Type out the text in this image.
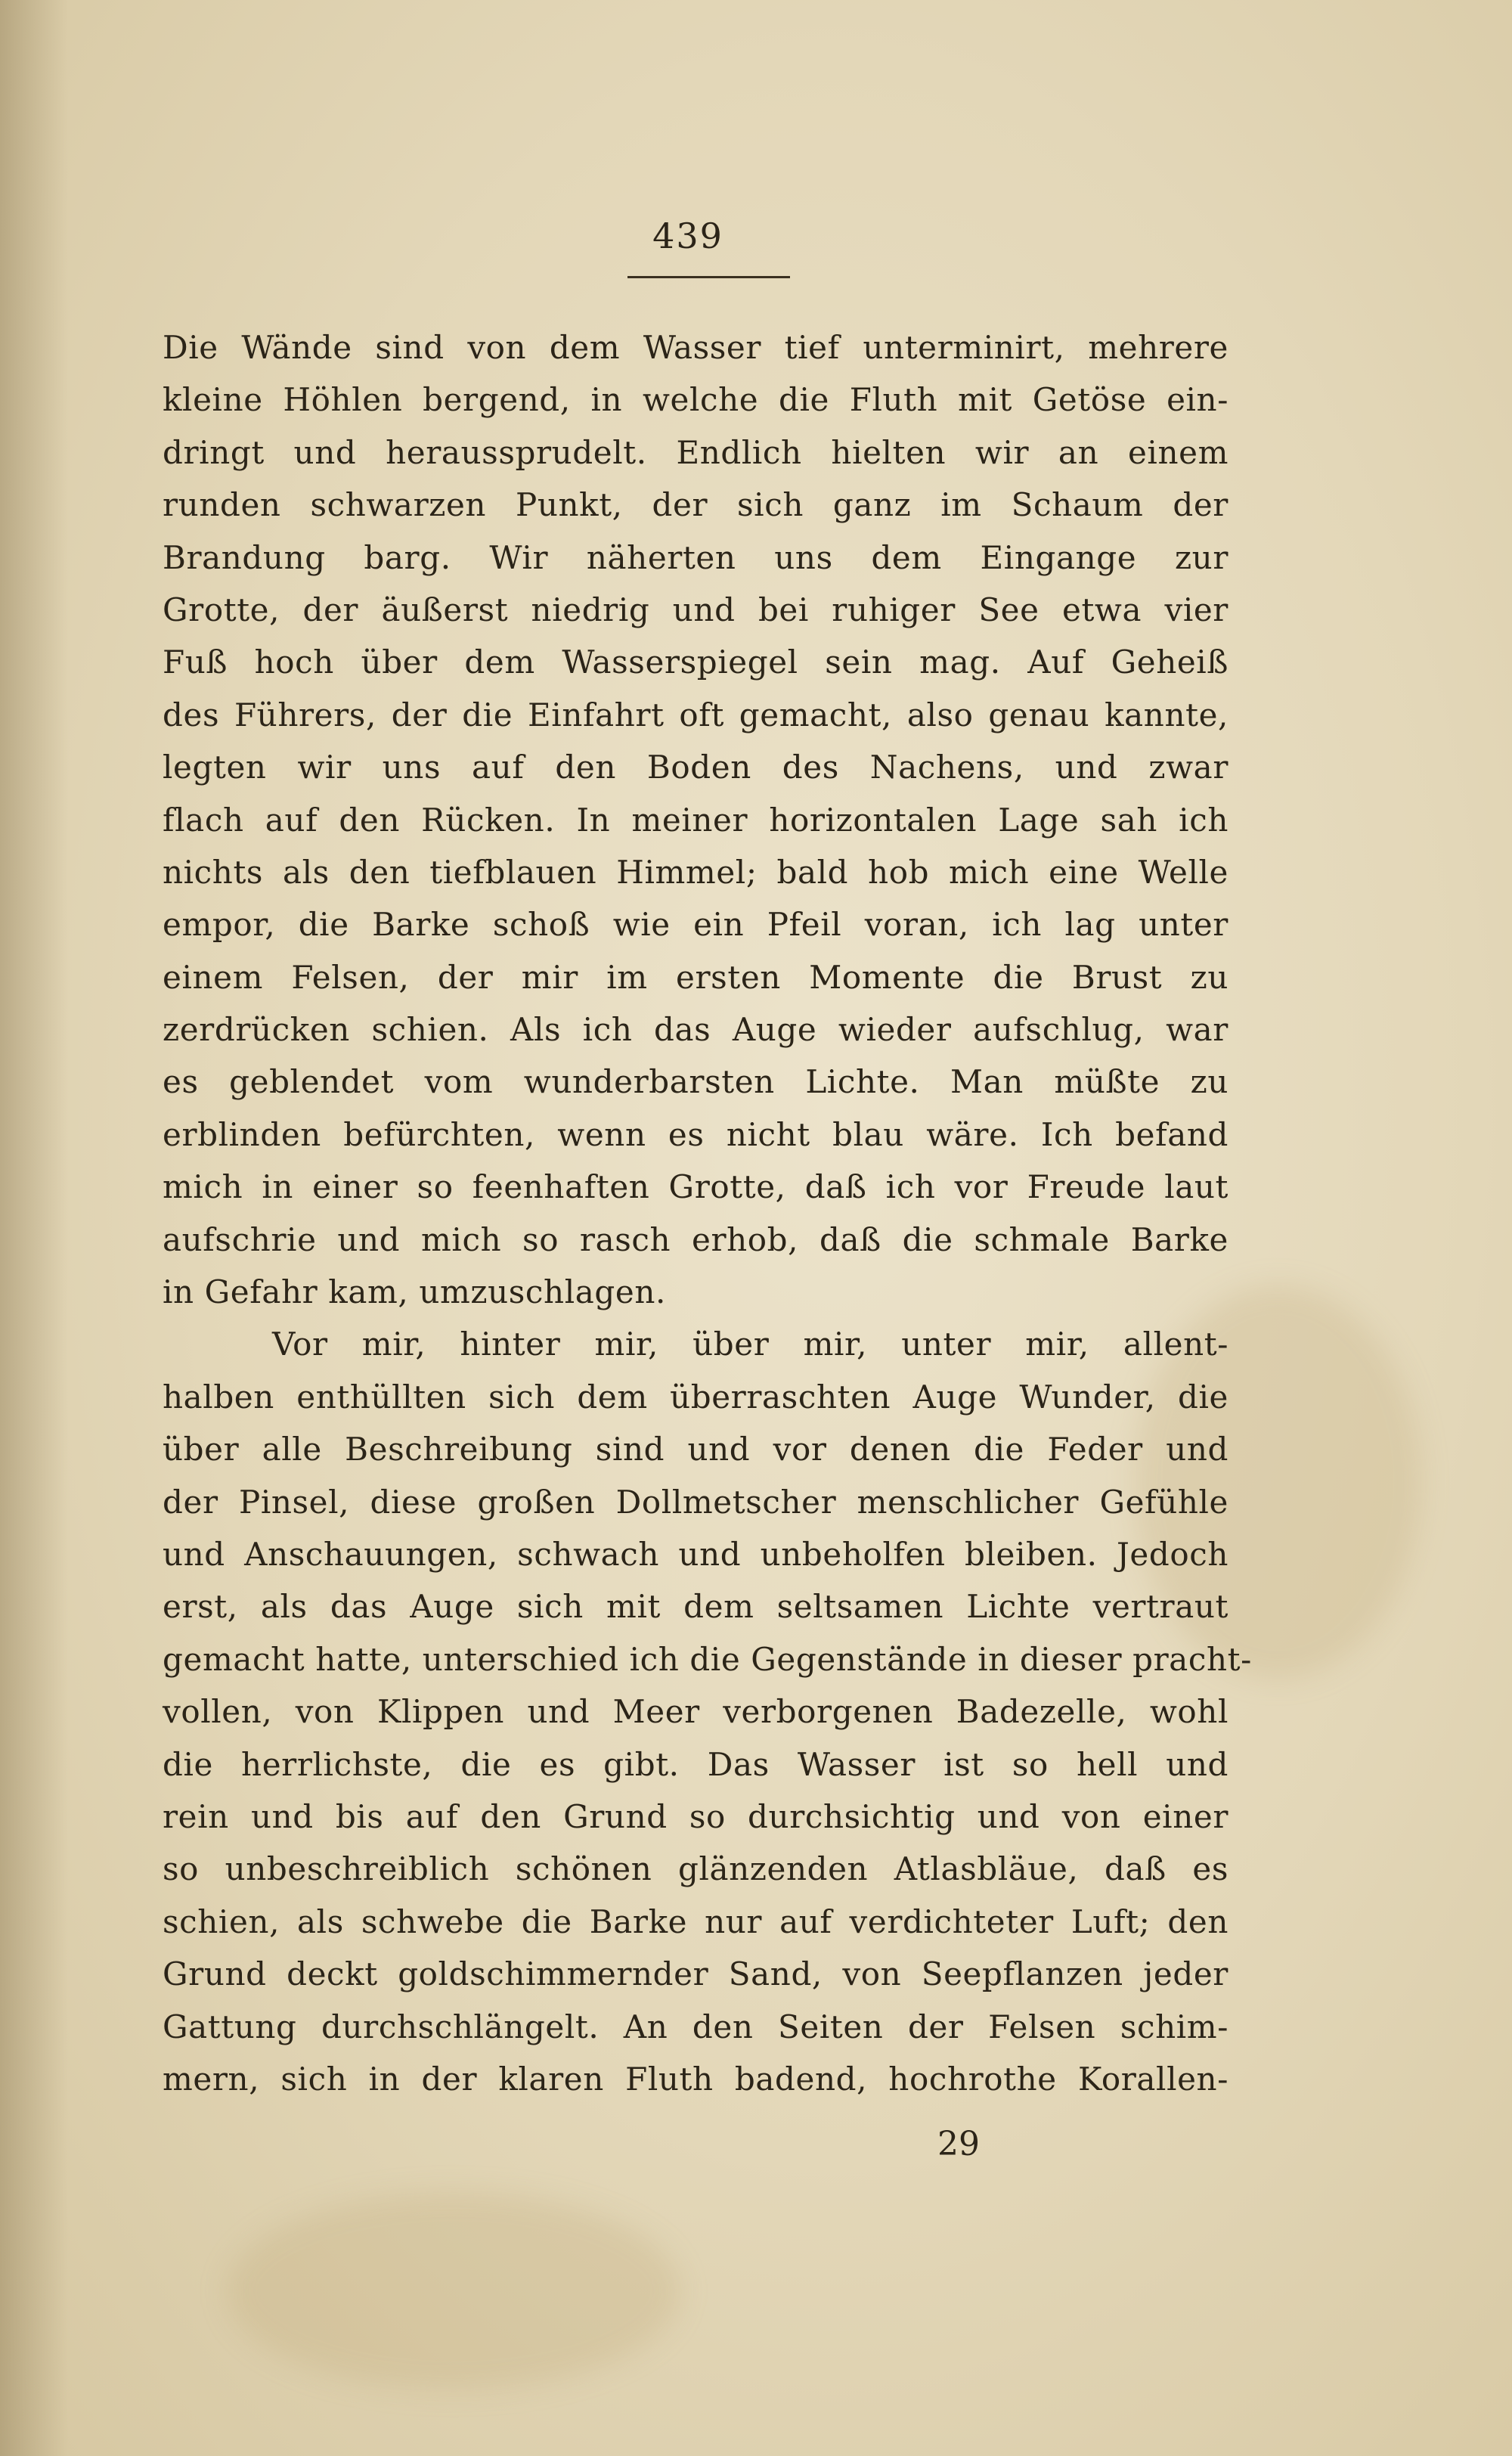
439
Die Wände sind von dem Wasser tief unterminirt, mehrere
kleine Höhlen bergend, in welche die Fluth mit Getöse ein-
dringt und heraussprudelt. Endlich hielten wir an einem
runden schwarzen Punkt, der sich ganz im Schaum der
Brandung barg. Wir näherten uns dem Eingange zur
Grotte, der äußerst niedrig und bei ruhiger See etwa vier
Fuß hoch über dem Wasserspiegel sein mag. Auf Geheiß
des Führers, der die Einfahrt oft gemacht, also genau kannte,
legten wir uns auf den Boden des Nachens, und zwar
flach auf den Rücken. In meiner horizontalen Lage sah ich
nichts als den tiefblauen Himmel; bald hob mich eine Welle
empor, die Barke schoß wie ein Pfeil voran, ich lag unter
einem Felsen, der mir im ersten Momente die Brust zu
zerdrücken schien. Als ich das Auge wieder aufschlug, war
es geblendet vom wunderbarsten Lichte. Man müßte zu
erblinden befürchten, wenn es nicht blau wäre. Ich befand
mich in einer so feenhaften Grotte, daß ich vor Freude laut
aufschrie und mich so rasch erhob, daß die schmale Barke
in Gefahr kam, umzuschlagen.
Vor mir, hinter mir, über mir, unter mir, allent-
halben enthüllten sich dem überraschten Auge Wunder, die
über alle Beschreibung sind und vor denen die Feder und
der Pinsel, diese großen Dollmetscher menschlicher Gefühle
und Anschauungen, schwach und unbeholfen bleiben. Jedoch
erst, als das Auge sich mit dem seltsamen Lichte vertraut
gemacht hatte, unterschied ich die Gegenstände in dieser pracht-
vollen, von Klippen und Meer verborgenen Badezelle, wohl
die herrlichste, die es gibt. Das Wasser ist so hell und
rein und bis auf den Grund so durchsichtig und von einer
so unbeschreiblich schönen glänzenden Atlasbläue, daß es
schien, als schwebe die Barke nur auf verdichteter Luft; den
Grund deckt goldschimmernder Sand, von Seepflanzen jeder
Gattung durchschlängelt. An den Seiten der Felsen schim-
mern, sich in der klaren Fluth badend, hochrothe Korallen-
29
